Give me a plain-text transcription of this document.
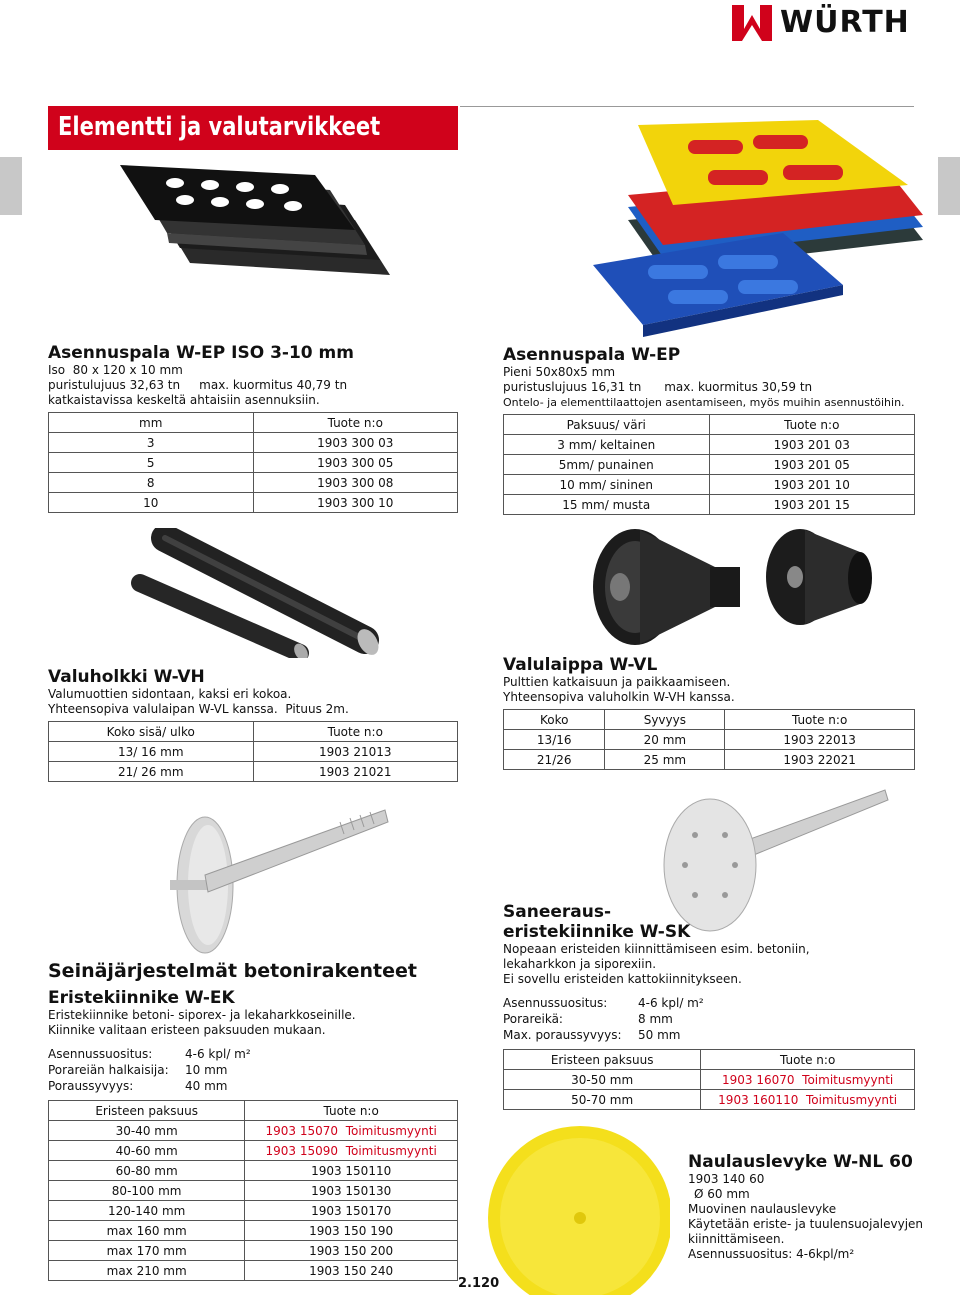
WÜRTH
Elementti ja valutarvikkeet

Asennuspala W-EP ISO 3-10 mm

Iso  80 x 120 x 10 mm

puristulujuus 32,63 tn     max. kuormitus 40,79 tn

katkaistavissa keskeltä ahtaisiin asennuksiin.

mm	Tuote n:o
3	1903 300 03
5	1903 300 05
8	1903 300 08
10	1903 300 10

Asennuspala W-EP

Pieni 50x80x5 mm

puristuslujuus 16,31 tn      max. kuormitus 30,59 tn

Ontelo- ja elementtilaattojen asentamiseen, myös muihin asennustöihin.

Paksuus/ väri	Tuote n:o
3 mm/ keltainen	1903 201 03
5mm/ punainen	1903 201 05
10 mm/ sininen	1903 201 10
15 mm/ musta	1903 201 15

Valuholkki W-VH

Valumuottien sidontaan, kaksi eri kokoa.

Yhteensopiva valulaipan W-VL kanssa.  Pituus 2m.

Koko sisä/ ulko	Tuote n:o
13/ 16 mm	1903 21013
21/ 26 mm	1903 21021

Valulaippa W-VL

Pulttien katkaisuun ja paikkaamiseen.

Yhteensopiva valuholkin W-VH kanssa.

Koko	Syvyys	Tuote n:o
13/16	20 mm	1903 22013
21/26	25 mm	1903 22021

Seinäjärjestelmät betonirakenteet

Eristekiinnike W-EK

Eristekiinnike betoni- siporex- ja lekaharkkoseinille.

Kiinnike valitaan eristeen paksuuden mukaan.

Asennussuositus:	4-6 kpl/ m²
Porareiän halkaisija: 10 mm
Poraussyvyys:	40 mm
Eristeen paksuus	Tuote n:o
30-40 mm	1903 15070 Toimitusmyynti
40-60 mm	1903 15090 Toimitusmyynti
60-80 mm	1903 150110
80-100 mm	1903 150130
120-140 mm	1903 150170
max 160 mm	1903 150 190
max 170 mm	1903 150 200
max 210 mm	1903 150 240

Saneeraus-

eristekiinnike W-SK

Nopeaan eristeiden kiinnittämiseen esim. betoniin,

lekaharkkon ja siporexiin.

Ei sovellu eristeiden kattokiinnitykseen.

Asennussuositus:	4-6 kpl/ m²
Porareikä:	8 mm
Max. poraussyvyys: 50 mm
Eristeen paksuus	Tuote n:o
30-50 mm	1903 16070 Toimitusmyynti
50-70 mm	1903 160110 Toimitusmyynti

Naulauslevyke W-NL 60

1903 140 60

Ø 60 mm

Muovinen naulauslevyke

Käytetään eriste- ja tuulensuojalevyjen

kiinnittämiseen.

Asennussuositus: 4-6kpl/m²

2.120
